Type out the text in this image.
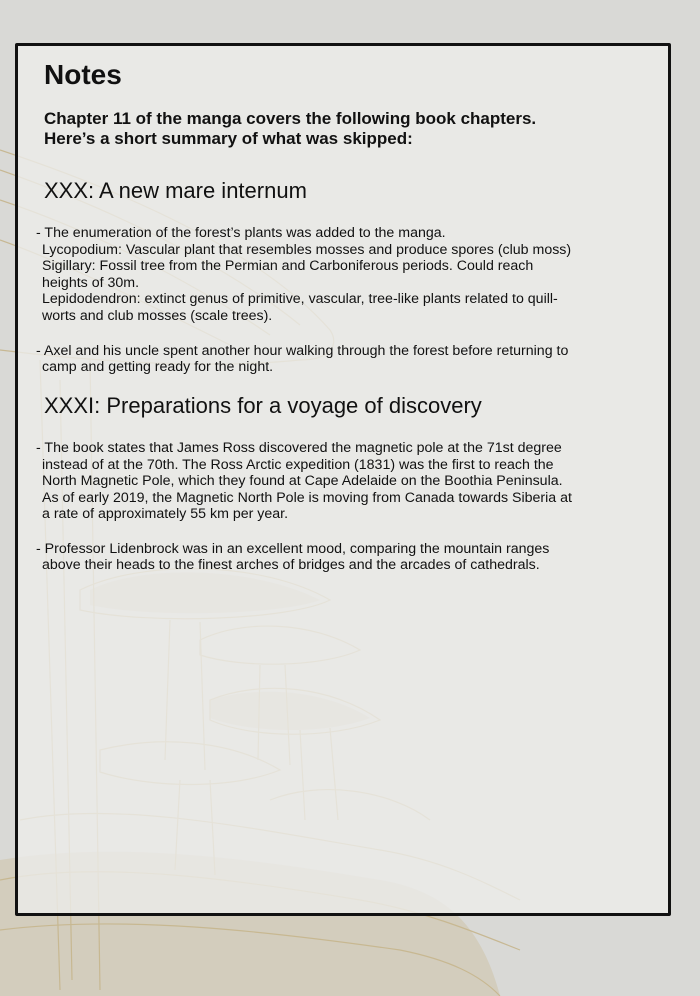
Notes
Chapter 11 of the manga covers the following book chapters.
Here’s a short summary of what was skipped:
XXX: A new mare internum
- The enumeration of the forest’s plants was added to the manga.
Lycopodium: Vascular plant that resembles mosses and produce spores (club moss)
Sigillary: Fossil tree from the Permian and Carboniferous periods. Could reach
heights of 30m.
Lepidodendron: extinct genus of primitive, vascular, tree-like plants related to quill-
worts and club mosses (scale trees).
- Axel and his uncle spent another hour walking through the forest before returning to
camp and getting ready for the night.
XXXI: Preparations for a voyage of discovery
- The book states that James Ross discovered the magnetic pole at the 71st degree
instead of at the 70th. The Ross Arctic expedition (1831) was the first to reach the
North Magnetic Pole, which they found at Cape Adelaide on the Boothia Peninsula.
As of early 2019, the Magnetic North Pole is moving from Canada towards Siberia at
a rate of approximately 55 km per year.
- Professor Lidenbrock was in an excellent mood, comparing the mountain ranges
above their heads to the finest arches of bridges and the arcades of cathedrals.
